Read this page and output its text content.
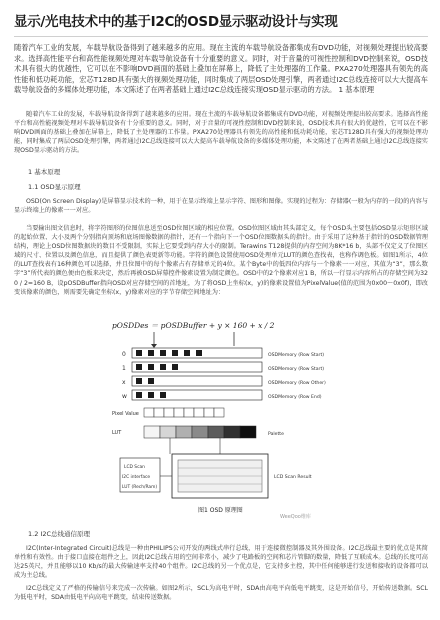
显示/光电技术中的基于I2C的OSD显示驱动设计与实现

随着汽车工业的发展，车载导航设备得到了越来越多的应用。现在主流的车载导航设备都集成有DVD功能，对视频处理提出较高要求。选择高性能平台和高性能视频处理对车载导航设备有十分重要的意义。同时，对于音量的可视性控制和DVD控制来说，OSD技术具有很大的优越性，它可以在不影响DVD画面的基础上叠加在屏幕上，降低了主处理器的工作量。PXA270处理器具有领先的高性能和低功耗功能，宏芯T128D具有强大的视频处理功能，同时集成了两层OSD处理引擎，两者通过I2C总线连接可以大大提高车载导航设备的多媒体处理功能，本文陈述了在两者基础上通过I2C总线连接实现OSD显示驱动的方法。 1 基本原理

随着汽车工业的发展，车载导航设备得到了越来越多的应用。现在主流的车载导航设备都集成有DVD功能，对视频处理提出较高要求。选择高性能平台和高性能视频处理对车载导航设备有十分重要的意义。同时，对于音量的可视性控制和DVD控制来说，OSD技术具有很大的优越性，它可以在不影响DVD画面的基础上叠加在屏幕上，降低了主处理器的工作量。PXA270处理器具有领先的高性能和低功耗功能，宏芯T128D具有强大的视频处理功能，同时集成了两层OSD处理引擎，两者通过I2C总线连接可以大大提高车载导航设备的多媒体处理功能，本文陈述了在两者基础上通过I2C总线连接实现OSD显示驱动的方法。

1 基本原理

1.1 OSD显示原理

OSD(On Screen Display)是屏幕显示技术的一种，用于在显示终端上显示字符、图形和图像。实现的过程为：存储器(一般为内存的一段)的内容与显示终端上的像素一一对应。

当要输出图文信息时，将字符图形的位图信息送至OSD位图区域的相应位置。OSD位图区域由其头部定义，每个OSD头主要包括OSD显示矩形区域的起始位置、大小及两个分别指向顶场和底场图像数据的指针，还有一个指向下一个OSD位图数据头的指针。由于采用了这种基于指针的OSD数据管理结构，理论上OSD位图数据块的数目不受限制，实际上它要受到内存大小的限制。Terawins T128提供的内存空间为8K*16 b，头部不仅定义了位图区域的尺寸、位置以及颜色信息，而且提供了颜色表更新等功能。字符的颜色设置使用OSD处理单元LUT的颜色查找表，也称作调色板。如图1所示，4位的LUT查找表有16种颜色可以选择，并且位图中的每个像素占有存储单元的4位。某个Byte中的低四位内容与一个像素一一对应，其值为“3”，那么数字“3”所代表的颜色便由色板来决定，然后再被OSD屏幕控件像素设置为制定颜色。OSD中的2个像素对应1 B，所以一行显示内容所占的存储空间为320 / 2=160 B，设pOSDBuffer指向OSD对应存储空间的首地址，为了将OSD上坐标(x，y)的像素设置值为PixelValue(值的范围为0x00～0x0f)，即改变该像素的颜色，则需要先确定坐标(x，y)像素对应的字节存储空间地址为：

pOSDDes ＝ pOSDBuffer + y × 160 + x / 2
0
1
x
w
OSDMemory (Row Start)
OSDMemory (Row Start)
OSDMemory (Row Other)
OSDMemory (Row End)
Pixel Value
LUT	Palette
LCD Scan
I2C interface
LUT (Rech/Ram)
LCD Scan Result
图1 OSD 原理图
WeeQoo维库

1.2 I2C总线通信原理

I2C(Inter-Integrated Circuit)总线是一种由PHILIPS公司开发的两线式串行总线，用于连接微控制器及其外围设备。I2C总线最主要的优点是其简单性和有效性。由于接口直接在组件之上，因此I2C总线占用的空间非常小，减少了电路板的空间和芯片管脚的数量，降低了互联成本。总线的长度可高达25英尺，并且能够以10 Kb/s的最大传输速率支持40个组件。I2C总线的另一个优点是，它支持多主控，其中任何能够进行发送和接收的设备都可以成为主总线。

I2C总线定义了严格的传输信号来完成一次传输。如图2所示，SCL为高电平时，SDA由高电平向低电平跳变，这是开始信号，开始传送数据。SCL为低电平时，SDA由低电平向高电平跳变，结束传送数据。
